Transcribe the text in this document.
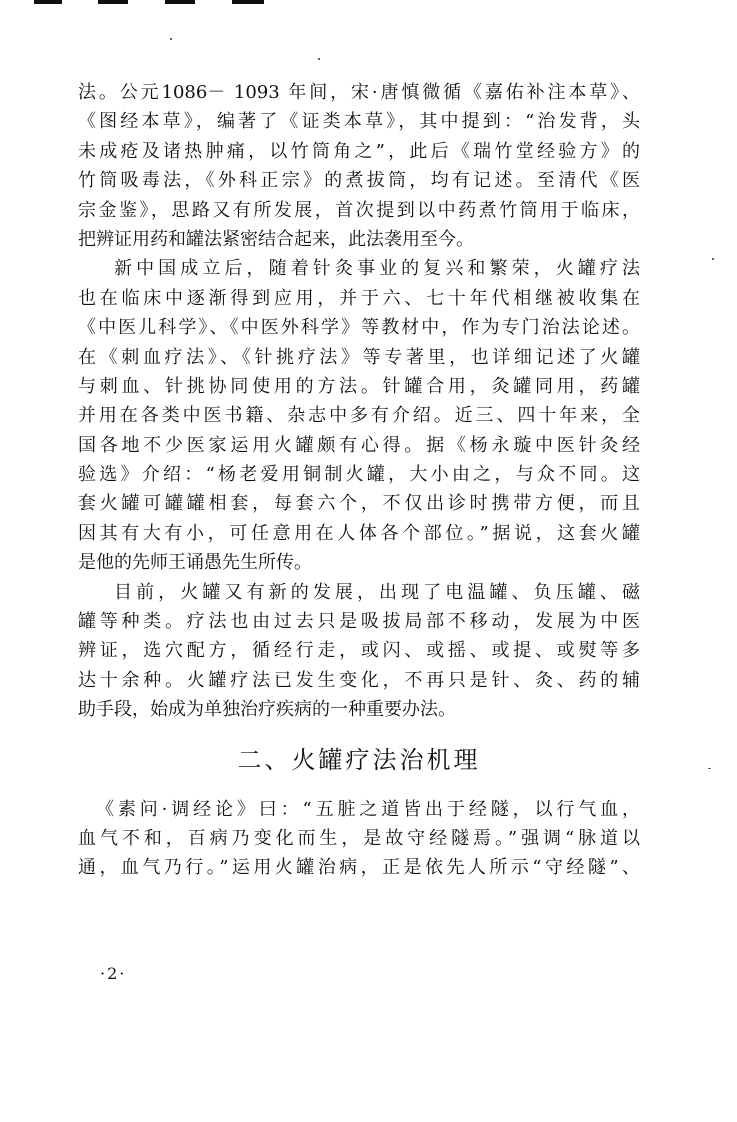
法。公元1086－ 1093 年间，宋·唐慎微循《嘉佑补注本草》、
《图经本草》，编著了《证类本草》，其中提到：“治发背，头
未成疮及诸热肿痛，以竹筒角之”，此后《瑞竹堂经验方》的
竹筒吸毒法，《外科正宗》的煮拔筒，均有记述。至清代《医
宗金鉴》，思路又有所发展，首次提到以中药煮竹筒用于临床，
把辨证用药和罐法紧密结合起来，此法袭用至今。
新中国成立后，随着针灸事业的复兴和繁荣，火罐疗法
也在临床中逐渐得到应用，并于六、七十年代相继被收集在
《中医儿科学》、《中医外科学》等教材中，作为专门治法论述。
在《刺血疗法》、《针挑疗法》等专著里，也详细记述了火罐
与刺血、针挑协同使用的方法。针罐合用，灸罐同用，药罐
并用在各类中医书籍、杂志中多有介绍。近三、四十年来，全
国各地不少医家运用火罐颇有心得。据《杨永璇中医针灸经
验选》介绍：“杨老爱用铜制火罐，大小由之，与众不同。这
套火罐可罐罐相套，每套六个，不仅出诊时携带方便，而且
因其有大有小，可任意用在人体各个部位。”据说，这套火罐
是他的先师王诵愚先生所传。
目前，火罐又有新的发展，出现了电温罐、负压罐、磁
罐等种类。疗法也由过去只是吸拔局部不移动，发展为中医
辨证，选穴配方，循经行走，或闪、或摇、或提、或熨等多
达十余种。火罐疗法已发生变化，不再只是针、灸、药的辅
助手段，始成为单独治疗疾病的一种重要办法。
二、火罐疗法治机理
《素问·调经论》曰：“五脏之道皆出于经隧，以行气血，
血气不和，百病乃变化而生，是故守经隧焉。”强调“脉道以
通，血气乃行。”运用火罐治病，正是依先人所示“守经隧”、
·2·
